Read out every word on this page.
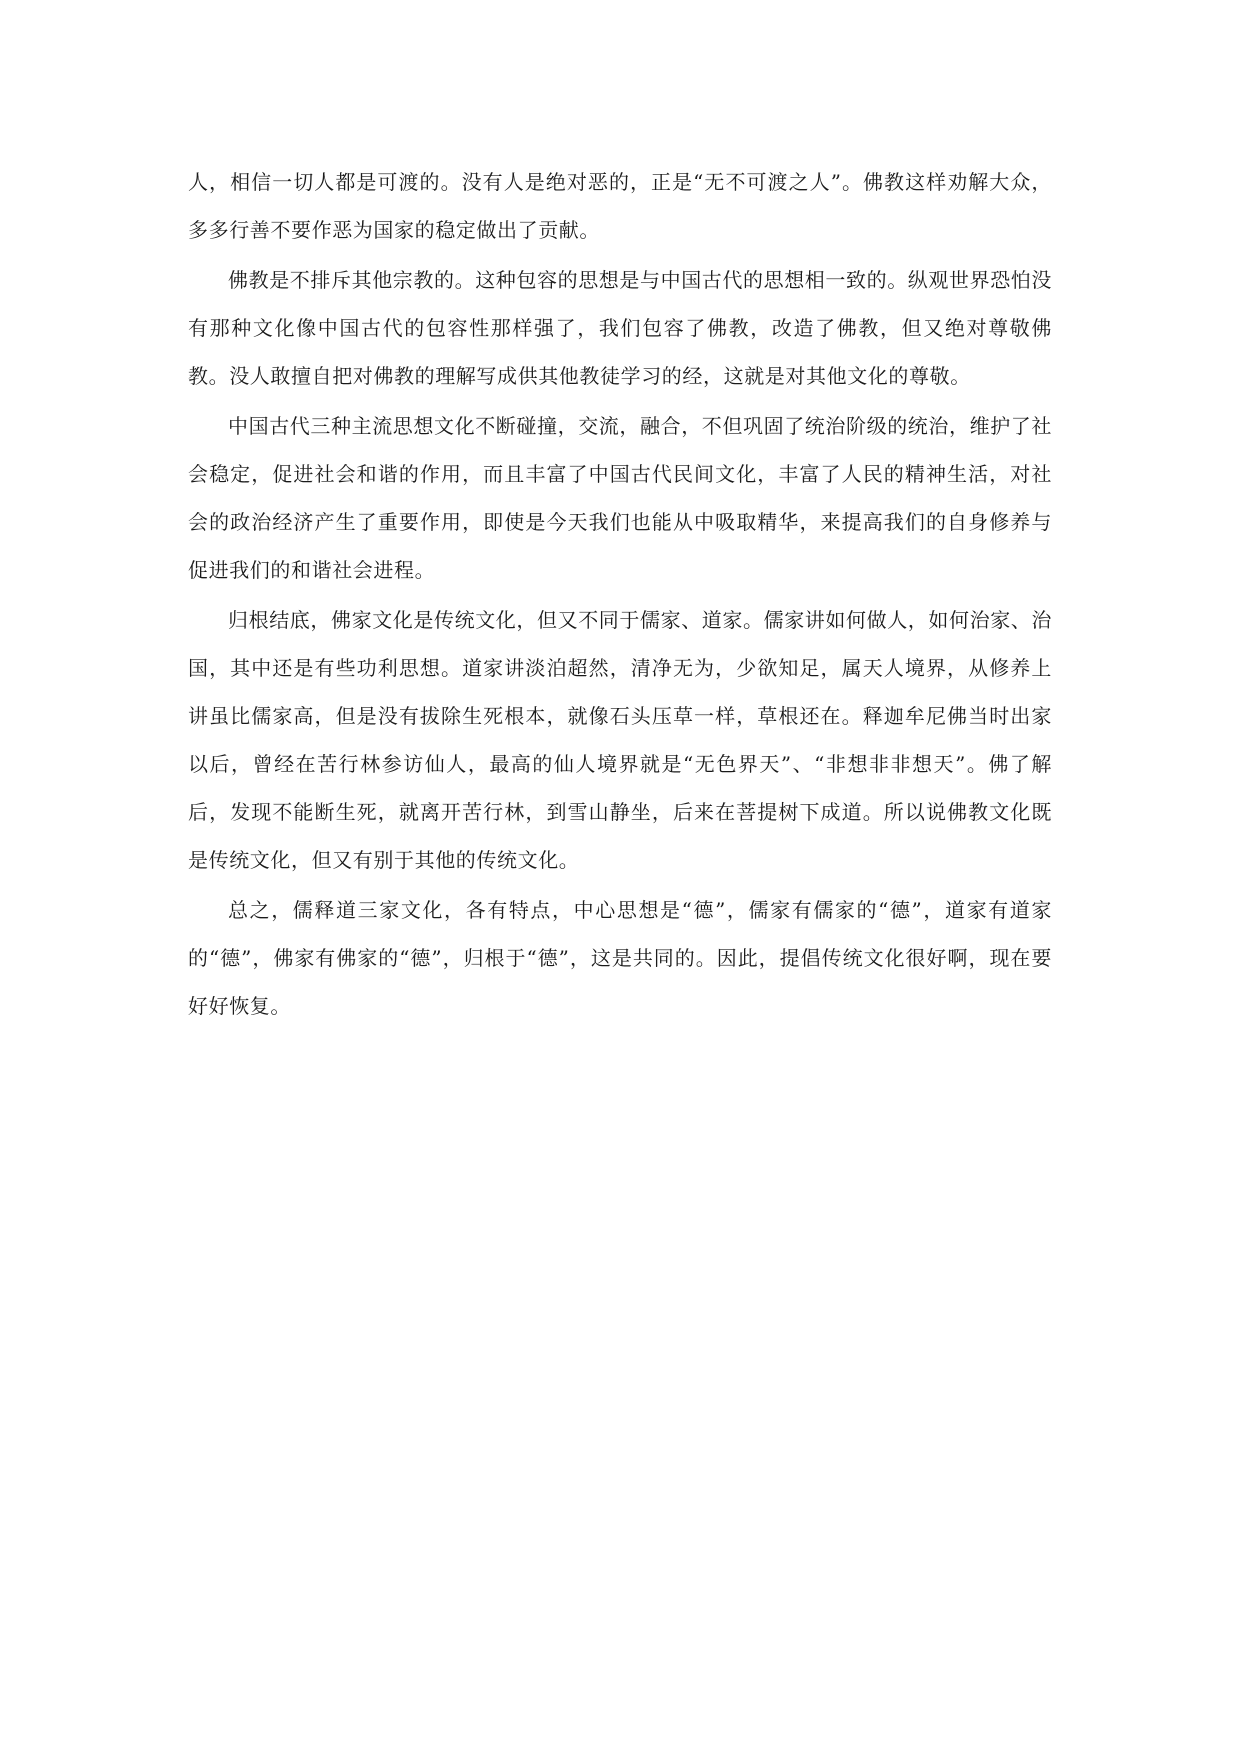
人，相信一切人都是可渡的。没有人是绝对恶的，正是“无不可渡之人”。佛教这样劝解大众，多多行善不要作恶为国家的稳定做出了贡献。

佛教是不排斥其他宗教的。这种包容的思想是与中国古代的思想相一致的。纵观世界恐怕没有那种文化像中国古代的包容性那样强了，我们包容了佛教，改造了佛教，但又绝对尊敬佛教。没人敢擅自把对佛教的理解写成供其他教徒学习的经，这就是对其他文化的尊敬。

中国古代三种主流思想文化不断碰撞，交流，融合，不但巩固了统治阶级的统治，维护了社会稳定，促进社会和谐的作用，而且丰富了中国古代民间文化，丰富了人民的精神生活，对社会的政治经济产生了重要作用，即使是今天我们也能从中吸取精华，来提高我们的自身修养与促进我们的和谐社会进程。

归根结底，佛家文化是传统文化，但又不同于儒家、道家。儒家讲如何做人，如何治家、治国，其中还是有些功利思想。道家讲淡泊超然，清净无为，少欲知足，属天人境界，从修养上讲虽比儒家高，但是没有拔除生死根本，就像石头压草一样，草根还在。释迦牟尼佛当时出家以后，曾经在苦行林参访仙人，最高的仙人境界就是“无色界天”、“非想非非想天”。佛了解后，发现不能断生死，就离开苦行林，到雪山静坐，后来在菩提树下成道。所以说佛教文化既是传统文化，但又有别于其他的传统文化。

总之，儒释道三家文化，各有特点，中心思想是“德”，儒家有儒家的“德”，道家有道家的“德”，佛家有佛家的“德”，归根于“德”，这是共同的。因此，提倡传统文化很好啊，现在要好好恢复。
